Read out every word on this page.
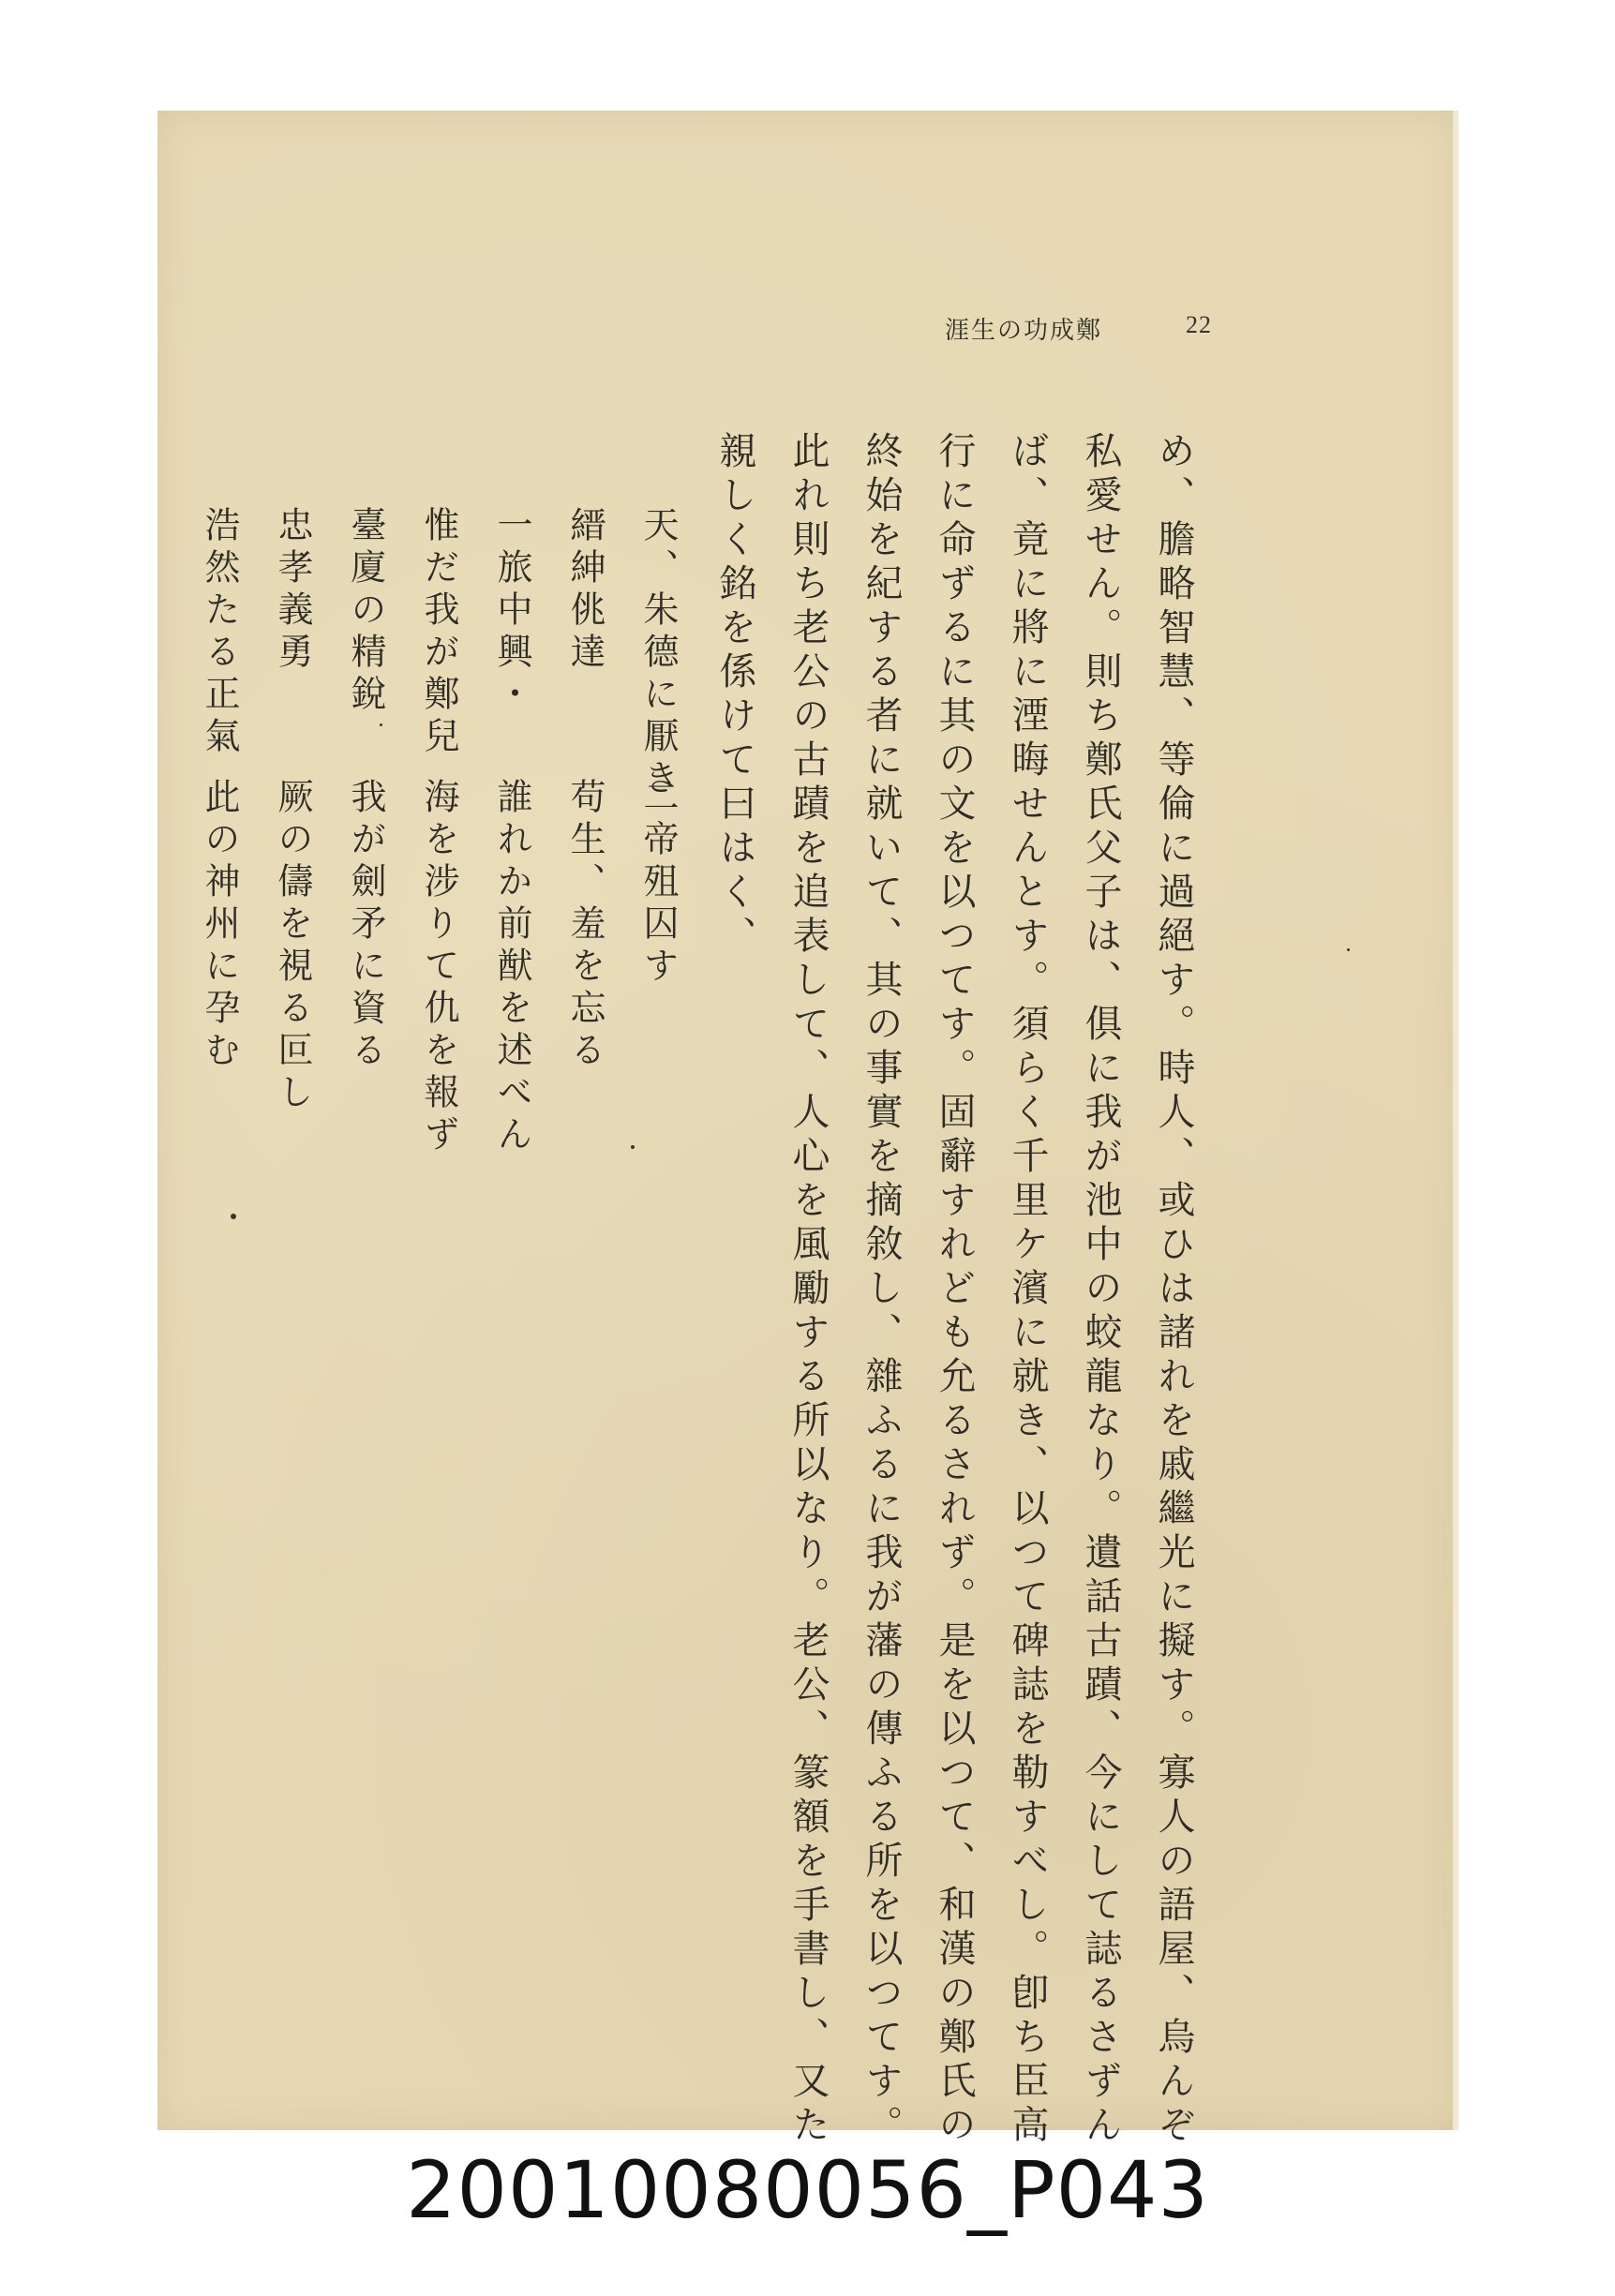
鄭成功の生涯	22
め、膽略智慧、等倫に過絕す。時人、或ひは諸れを戚繼光に擬す。寡人の語屋、烏んぞ
私愛せん。則ち鄭氏父子は、俱に我が池中の蛟龍なり。遺話古蹟、今にして誌るさずん
ば、竟に將に湮晦せんとす。須らく千里ケ濱に就き、以つて碑誌を勒すべし。卽ち臣高
行に命ずるに其の文を以つてす。固辭すれども允るされず。是を以つて、和漢の鄭氏の
終始を紀する者に就いて、其の事實を摘敘し、雜ふるに我が藩の傳ふる所を以つてす。
此れ則ち老公の古蹟を追表して、人心を風勵する所以なり。老公、篆額を手書し、又た
親しく銘を係けて曰はく、
天、朱德に厭き
二帝殂囚す
縉紳佻達
苟生、羞を忘る
一旅中興・
誰れか前猷を述べん
惟だ我が鄭兒
海を涉りて仇を報ず
臺廈の精銳
我が劍矛に資る
忠孝義勇
厥の儔を視る叵し
浩然たる正氣
此の神州に孕む
20010080056_P043
